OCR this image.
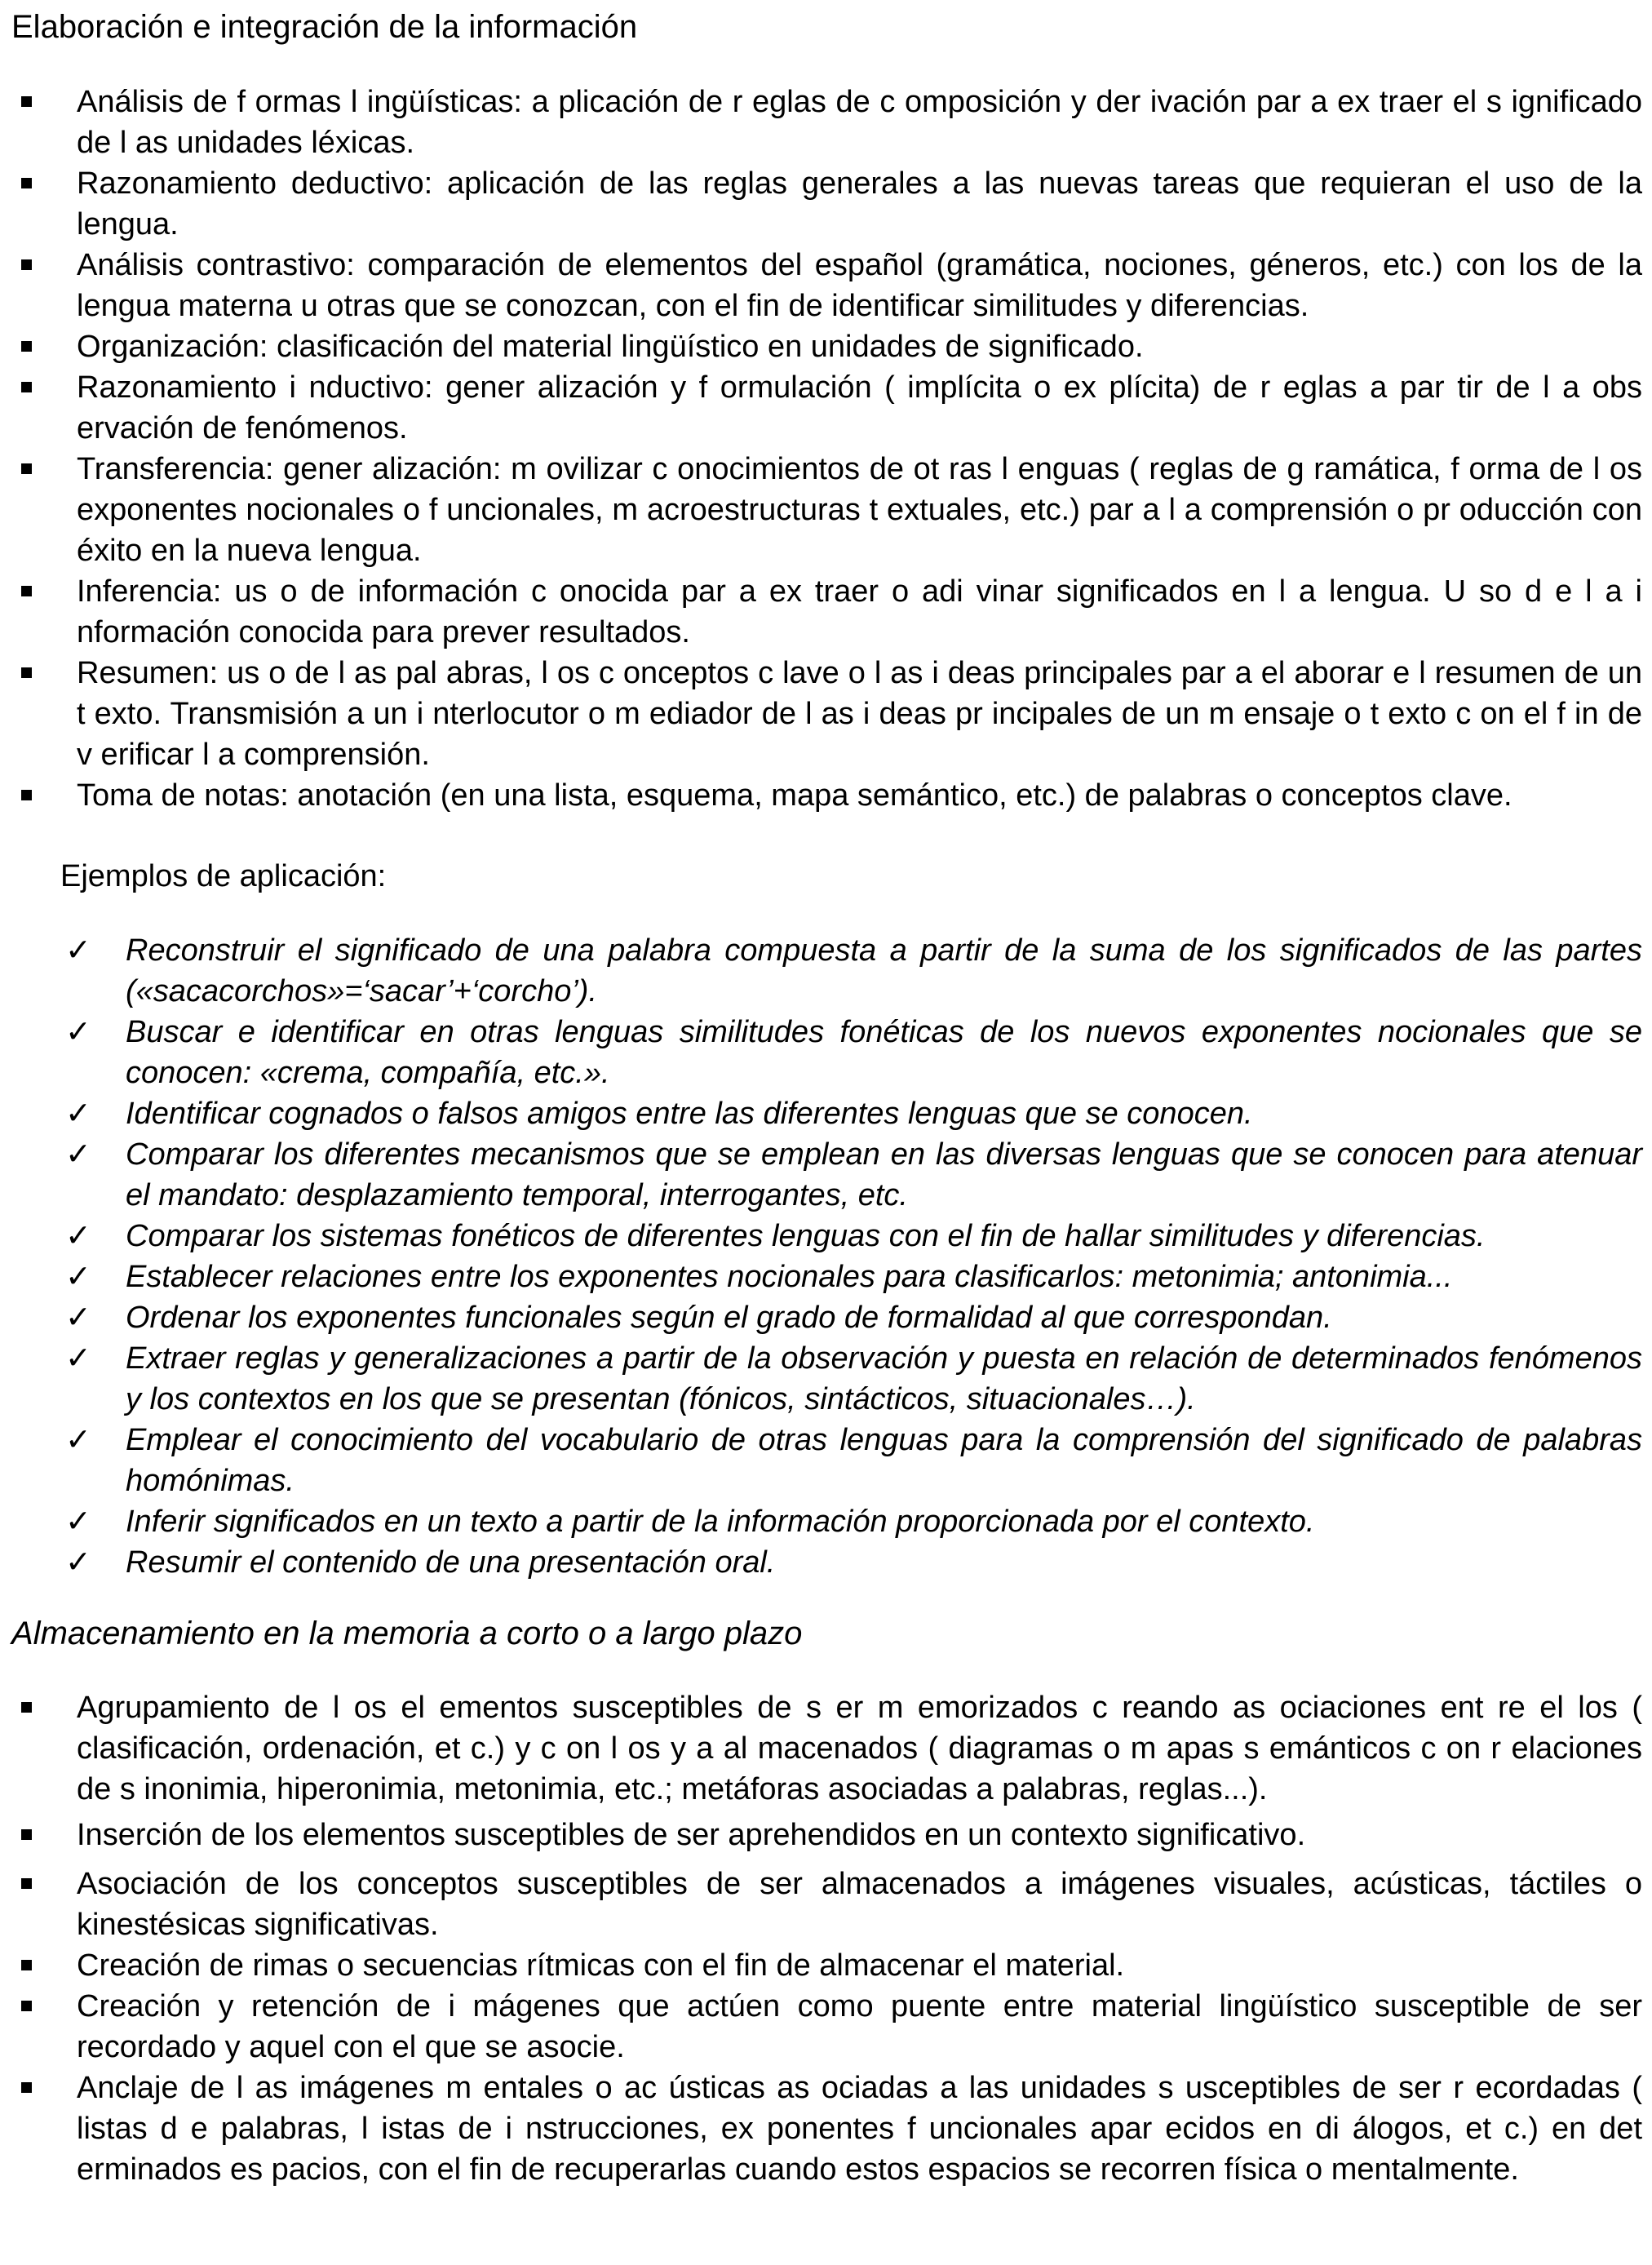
Elaboración e integración de la información
Análisis de f ormas l ingüísticas: a plicación de r eglas de c omposición y der ivación par a ex traer el s ignificado de l as unidades léxicas.
Razonamiento deductivo: aplicación de las reglas generales a las nuevas tareas que requieran el uso de la lengua.
Análisis contrastivo: comparación de elementos del español (gramática, nociones, géneros, etc.) con los de la lengua materna u otras que se conozcan, con el fin de identificar similitudes y diferencias.
Organización: clasificación del material lingüístico en unidades de significado.
Razonamiento i nductivo: gener alización y f ormulación ( implícita o ex plícita) de r eglas a par tir de l a obs ervación de fenómenos.
Transferencia: gener alización: m ovilizar c onocimientos de ot ras l enguas ( reglas de g ramática, f orma de l os exponentes nocionales o f uncionales, m acroestructuras t extuales, etc.) par a l a comprensión o pr oducción con éxito en la nueva lengua.
Inferencia: us o de información c onocida par a ex traer o adi vinar significados en l a lengua. U so d e l a i nformación conocida para prever resultados.
Resumen: us o de l as pal abras, l os c onceptos c lave o l as i deas principales par a el aborar e l resumen de un t exto. Transmisión a un i nterlocutor o m ediador de l as i deas pr incipales de un m ensaje o t exto c on el f in de v erificar l a comprensión.
Toma de notas: anotación (en una lista, esquema, mapa semántico, etc.) de palabras o conceptos clave.
Ejemplos de aplicación:
✓ Reconstruir el significado de una palabra compuesta a partir de la suma de los significados de las partes («sacacorchos»=‘sacar’+‘corcho’).
✓ Buscar e identificar en otras lenguas similitudes fonéticas de los nuevos exponentes nocionales que se conocen: «crema, compañía, etc.».
✓ Identificar cognados o falsos amigos entre las diferentes lenguas que se conocen.
✓ Comparar los diferentes mecanismos que se emplean en las diversas lenguas que se conocen para atenuar el mandato: desplazamiento temporal, interrogantes, etc.
✓ Comparar los sistemas fonéticos de diferentes lenguas con el fin de hallar similitudes y diferencias.
✓ Establecer relaciones entre los exponentes nocionales para clasificarlos: metonimia; antonimia...
✓ Ordenar los exponentes funcionales según el grado de formalidad al que correspondan.
✓ Extraer reglas y generalizaciones a partir de la observación y puesta en relación de determinados fenómenos y los contextos en los que se presentan (fónicos, sintácticos, situacionales…).
✓ Emplear el conocimiento del vocabulario de otras lenguas para la comprensión del significado de palabras homónimas.
✓ Inferir significados en un texto a partir de la información proporcionada por el contexto.
✓ Resumir el contenido de una presentación oral.
Almacenamiento en la memoria a corto o a largo plazo
Agrupamiento de l os el ementos susceptibles de s er m emorizados c reando as ociaciones ent re el los ( clasificación, ordenación, et c.) y c on l os y a al macenados ( diagramas o m apas s emánticos c on r elaciones de s inonimia, hiperonimia, metonimia, etc.; metáforas asociadas a palabras, reglas...).
Inserción de los elementos susceptibles de ser aprehendidos en un contexto significativo.
Asociación de los conceptos susceptibles de ser almacenados a imágenes visuales, acústicas, táctiles o kinestésicas significativas.
Creación de rimas o secuencias rítmicas con el fin de almacenar el material.
Creación y retención de i mágenes que actúen como puente entre material lingüístico susceptible de ser recordado y aquel con el que se asocie.
Anclaje de l as imágenes m entales o ac ústicas as ociadas a las unidades s usceptibles de ser r ecordadas ( listas d e palabras, l istas de i nstrucciones, ex ponentes f uncionales apar ecidos en di álogos, et c.) en det erminados es pacios, con el fin de recuperarlas cuando estos espacios se recorren física o mentalmente.
